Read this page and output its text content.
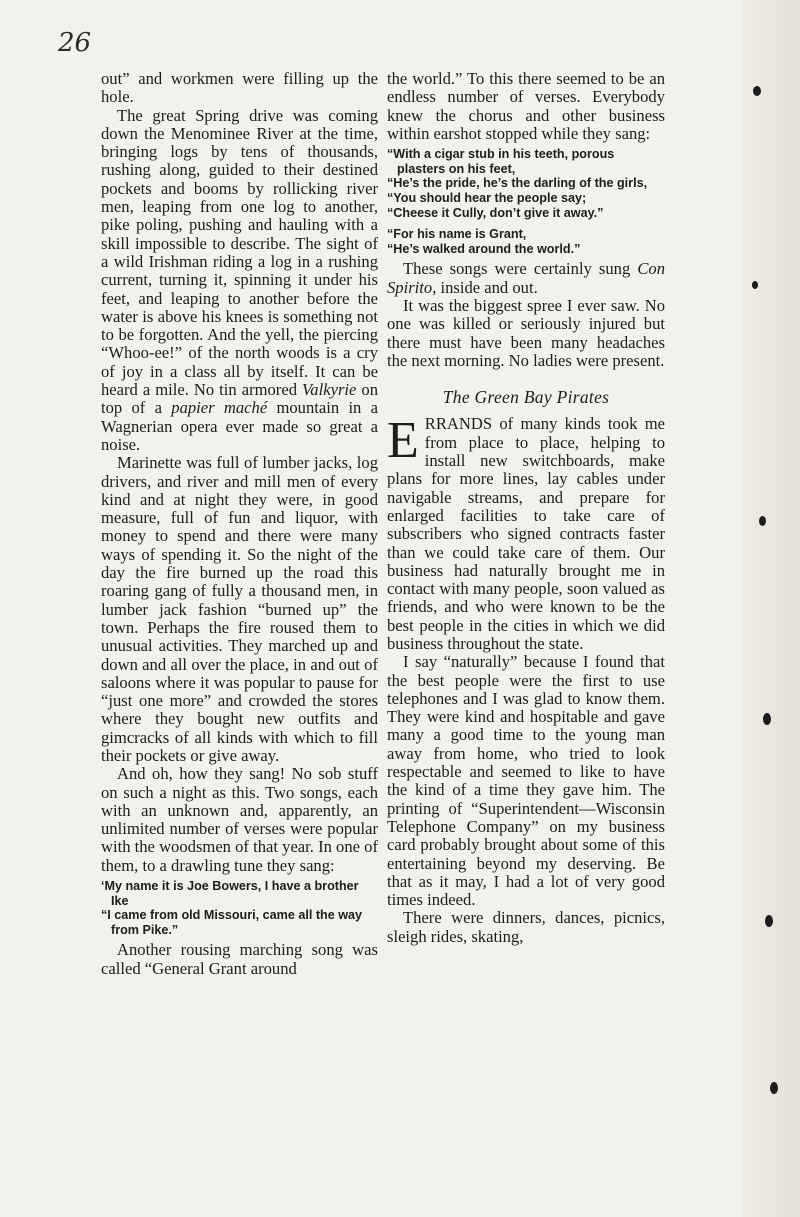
26

out” and workmen were filling up the hole.

The great Spring drive was coming down the Menominee River at the time, bringing logs by tens of thousands, rushing along, guided to their destined pockets and booms by rollicking river men, leaping from one log to another, pike poling, pushing and hauling with a skill impossible to describe. The sight of a wild Irishman riding a log in a rushing current, turning it, spinning it under his feet, and leaping to another before the water is above his knees is something not to be forgotten. And the yell, the piercing “Whoo-ee!” of the north woods is a cry of joy in a class all by itself. It can be heard a mile. No tin armored Valkyrie on top of a papier maché mountain in a Wagnerian opera ever made so great a noise.

Marinette was full of lumber jacks, log drivers, and river and mill men of every kind and at night they were, in good measure, full of fun and liquor, with money to spend and there were many ways of spending it. So the night of the day the fire burned up the road this roaring gang of fully a thousand men, in lumber jack fashion “burned up” the town. Perhaps the fire roused them to unusual activities. They marched up and down and all over the place, in and out of saloons where it was popular to pause for “just one more” and crowded the stores where they bought new outfits and gimcracks of all kinds with which to fill their pockets or give away.

And oh, how they sang! No sob stuff on such a night as this. Two songs, each with an unknown and, apparently, an unlimited number of verses were popular with the woodsmen of that year. In one of them, to a drawling tune they sang:

‘My name it is Joe Bowers, I have a brother Ike

“I came from old Missouri, came all the way from Pike.”

Another rousing marching song was called “General Grant around

the world.” To this there seemed to be an endless number of verses. Everybody knew the chorus and other business within earshot stopped while they sang:

“With a cigar stub in his teeth, porous plasters on his feet,

“He’s the pride, he’s the darling of the girls,

“You should hear the people say;

“Cheese it Cully, don’t give it away.”

“For his name is Grant,

“He’s walked around the world.”

These songs were certainly sung Con Spirito, inside and out.

It was the biggest spree I ever saw. No one was killed or seriously injured but there must have been many headaches the next morning. No ladies were present.

The Green Bay Pirates

ERRANDS of many kinds took me from place to place, helping to install new switchboards, make plans for more lines, lay cables under navigable streams, and prepare for enlarged facilities to take care of subscribers who signed contracts faster than we could take care of them. Our business had naturally brought me in contact with many people, soon valued as friends, and who were known to be the best people in the cities in which we did business throughout the state.

I say “naturally” because I found that the best people were the first to use telephones and I was glad to know them. They were kind and hospitable and gave many a good time to the young man away from home, who tried to look respectable and seemed to like to have the kind of a time they gave him. The printing of “Superintendent—Wisconsin Telephone Company” on my business card probably brought about some of this entertaining beyond my deserving. Be that as it may, I had a lot of very good times indeed.

There were dinners, dances, picnics, sleigh rides, skating,
